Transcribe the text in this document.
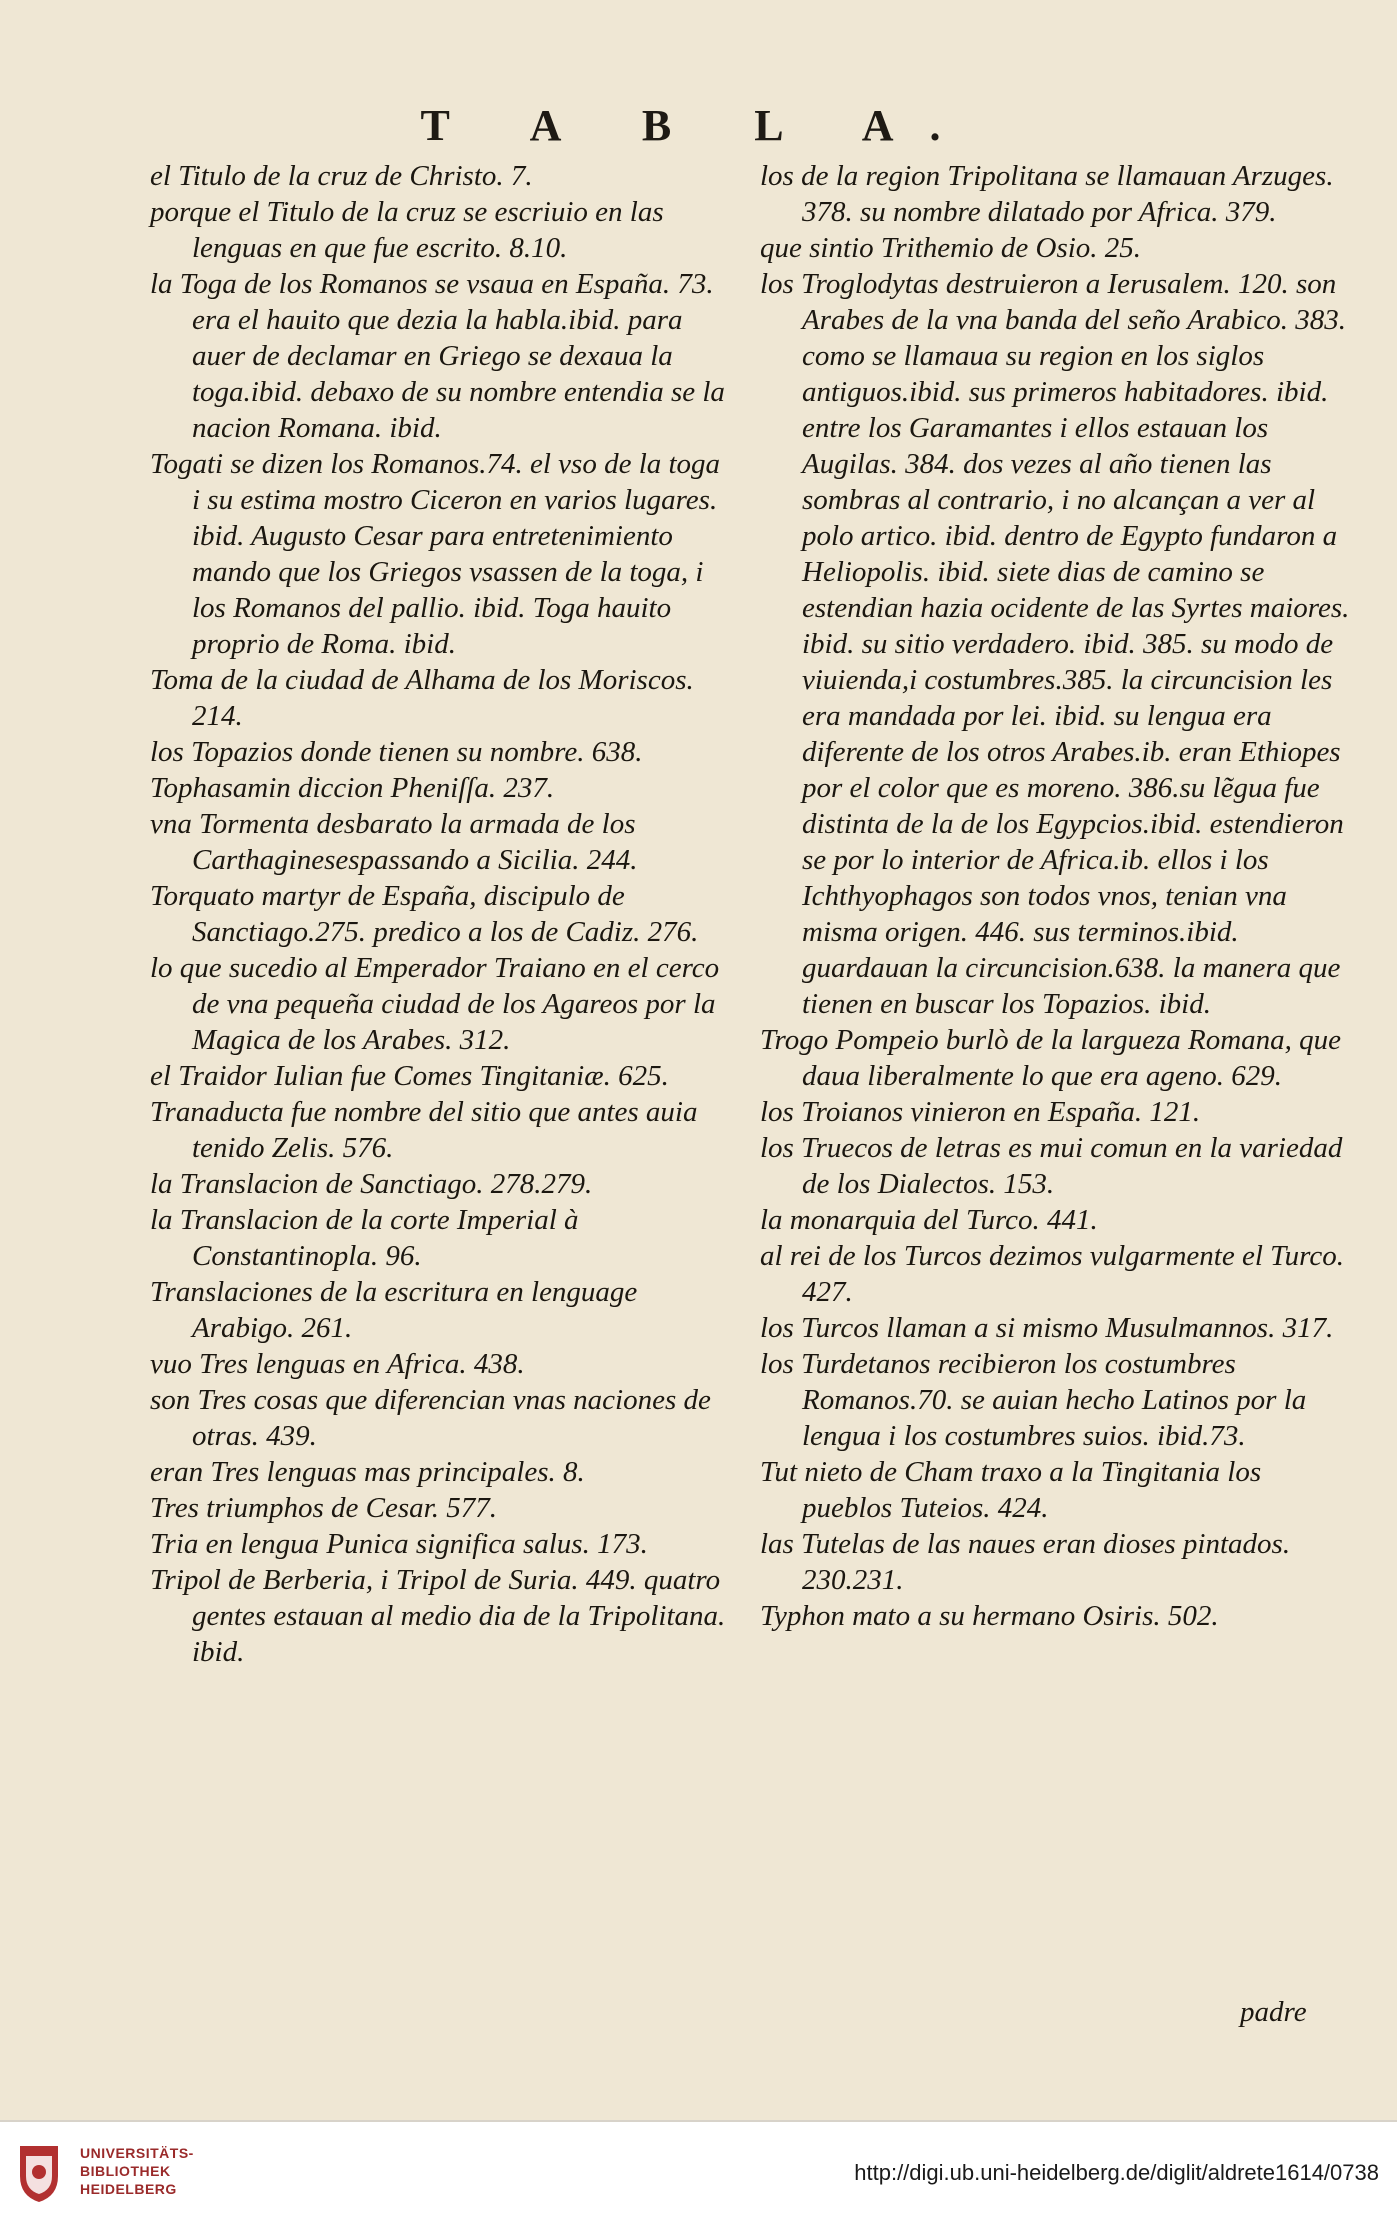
T A B L A.
el Titulo de la cruz de Christo. 7.
porque el Titulo de la cruz se escriuio en las lenguas en que fue escrito. 8.10.
la Toga de los Romanos se vsaua en España. 73. era el hauito que dezia la habla.ibid. para auer de declamar en Griego se dexaua la toga.ibid. debaxo de su nombre entendia se la nacion Romana. ibid.
Togati se dizen los Romanos.74. el vso de la toga i su estima mostro Ciceron en varios lugares. ibid. Augusto Cesar para entretenimiento mando que los Griegos vsassen de la toga, i los Romanos del pallio. ibid. Toga hauito proprio de Roma. ibid.
Toma de la ciudad de Alhama de los Moriscos. 214.
los Topazios donde tienen su nombre. 638.
Tophasamin diccion Pheniſſa. 237.
vna Tormenta desbarato la armada de los Carthaginesespassando a Sicilia. 244.
Torquato martyr de España, discipulo de Sanctiago.275. predico a los de Cadiz. 276.
lo que sucedio al Emperador Traiano en el cerco de vna pequeña ciudad de los Agareos por la Magica de los Arabes. 312.
el Traidor Iulian fue Comes Tingitaniæ. 625.
Tranaducta fue nombre del sitio que antes auia tenido Zelis. 576.
la Translacion de Sanctiago. 278.279.
la Translacion de la corte Imperial à Constantinopla. 96.
Translaciones de la escritura en lenguage Arabigo. 261.
vuo Tres lenguas en Africa. 438.
son Tres cosas que diferencian vnas naciones de otras. 439.
eran Tres lenguas mas principales. 8.
Tres triumphos de Cesar. 577.
Tria en lengua Punica significa salus. 173.
Tripol de Berberia, i Tripol de Suria. 449. quatro gentes estauan al medio dia de la Tripolitana. ibid.
los de la region Tripolitana se llamauan Arzuges. 378. su nombre dilatado por Africa. 379.
que sintio Trithemio de Osio. 25.
los Troglodytas destruieron a Ierusalem. 120. son Arabes de la vna banda del seño Arabico. 383. como se llamaua su region en los siglos antiguos.ibid. sus primeros habitadores. ibid. entre los Garamantes i ellos estauan los Augilas. 384. dos vezes al año tienen las sombras al contrario, i no alcançan a ver al polo artico. ibid. dentro de Egypto fundaron a Heliopolis. ibid. siete dias de camino se estendian hazia ocidente de las Syrtes maiores. ibid. su sitio verdadero. ibid. 385. su modo de viuienda,i costumbres.385. la circuncision les era mandada por lei. ibid. su lengua era diferente de los otros Arabes.ib. eran Ethiopes por el color que es moreno. 386.su lẽgua fue distinta de la de los Egypcios.ibid. estendieron se por lo interior de Africa.ib. ellos i los Ichthyophagos son todos vnos, tenian vna misma origen. 446. sus terminos.ibid. guardauan la circuncision.638. la manera que tienen en buscar los Topazios. ibid.
Trogo Pompeio burlò de la largueza Romana, que daua liberalmente lo que era ageno. 629.
los Troianos vinieron en España. 121.
los Truecos de letras es mui comun en la variedad de los Dialectos. 153.
la monarquia del Turco. 441.
al rei de los Turcos dezimos vulgarmente el Turco. 427.
los Turcos llaman a si mismo Musulmannos. 317.
los Turdetanos recibieron los costumbres Romanos.70. se auian hecho Latinos por la lengua i los costumbres suios. ibid.73.
Tut nieto de Cham traxo a la Tingitania los pueblos Tuteios. 424.
las Tutelas de las naues eran dioses pintados. 230.231.
Typhon mato a su hermano Osiris. 502.
padre
UNIVERSITÄTS-
BIBLIOTHEK
HEIDELBERG
http://digi.ub.uni-heidelberg.de/diglit/aldrete1614/0738
